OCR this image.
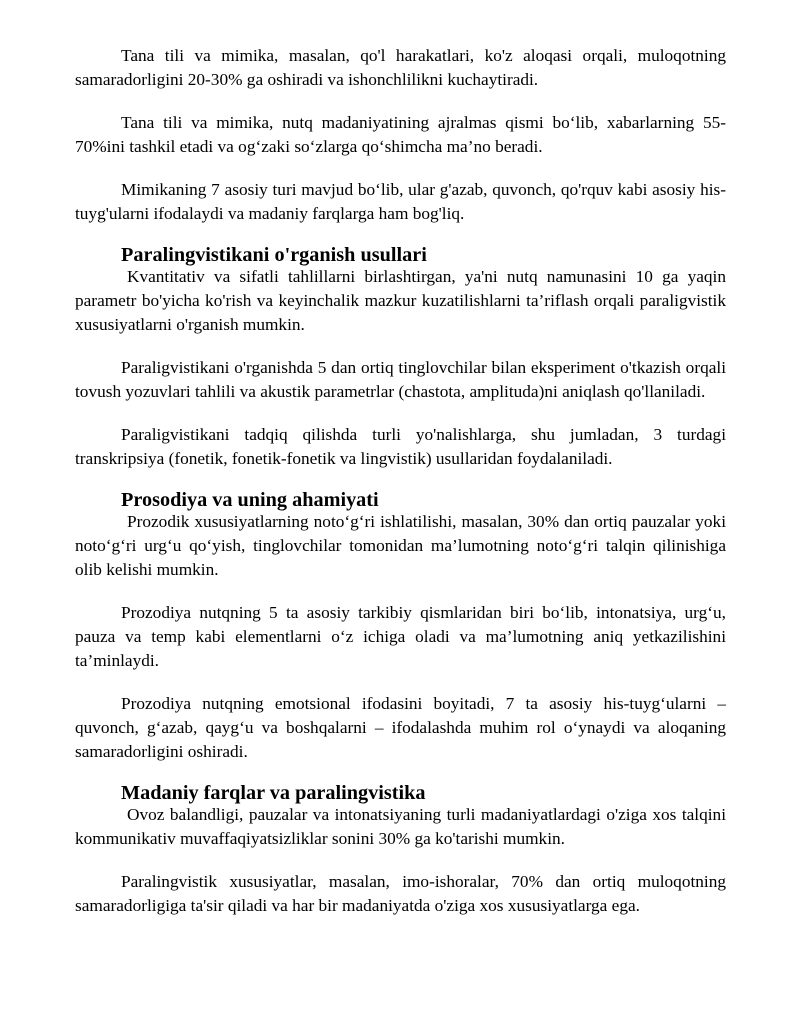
Tana tili va mimika, masalan, qo'l harakatlari, ko'z aloqasi orqali, muloqotning samaradorligini 20-30% ga oshiradi va ishonchlilikni kuchaytiradi.

Tana tili va mimika, nutq madaniyatining ajralmas qismi bo‘lib, xabarlarning 55-70%ini tashkil etadi va og‘zaki so‘zlarga qo‘shimcha ma’no beradi.

Mimikaning 7 asosiy turi mavjud bo‘lib, ular g'azab, quvonch, qo'rquv kabi asosiy his-tuyg'ularni ifodalaydi va madaniy farqlarga ham bog'liq.

Paralingvistikani o'rganish usullari

Kvantitativ va sifatli tahlillarni birlashtirgan, ya'ni nutq namunasini 10 ga yaqin parametr bo'yicha ko'rish va keyinchalik mazkur kuzatilishlarni ta’riflash orqali paraligvistik xususiyatlarni o'rganish mumkin.

Paraligvistikani o'rganishda 5 dan ortiq tinglovchilar bilan eksperiment o'tkazish orqali tovush yozuvlari tahlili va akustik parametrlar (chastota, amplituda)ni aniqlash qo'llaniladi.

Paraligvistikani tadqiq qilishda turli yo'nalishlarga, shu jumladan, 3 turdagi transkripsiya (fonetik, fonetik-fonetik va lingvistik) usullaridan foydalaniladi.

Prosodiya va uning ahamiyati

Prozodik xususiyatlarning noto‘g‘ri ishlatilishi, masalan, 30% dan ortiq pauzalar yoki noto‘g‘ri urg‘u qo‘yish, tinglovchilar tomonidan ma’lumotning noto‘g‘ri talqin qilinishiga olib kelishi mumkin.

Prozodiya nutqning 5 ta asosiy tarkibiy qismlaridan biri bo‘lib, intonatsiya, urg‘u, pauza va temp kabi elementlarni o‘z ichiga oladi va ma’lumotning aniq yetkazilishini ta’minlaydi.

Prozodiya nutqning emotsional ifodasini boyitadi, 7 ta asosiy his-tuyg‘ularni – quvonch, g‘azab, qayg‘u va boshqalarni – ifodalashda muhim rol o‘ynaydi va aloqaning samaradorligini oshiradi.

Madaniy farqlar va paralingvistika

Ovoz balandligi, pauzalar va intonatsiyaning turli madaniyatlardagi o'ziga xos talqini kommunikativ muvaffaqiyatsizliklar sonini 30% ga ko'tarishi mumkin.

Paralingvistik xususiyatlar, masalan, imo-ishoralar, 70% dan ortiq muloqotning samaradorligiga ta'sir qiladi va har bir madaniyatda o'ziga xos xususiyatlarga ega.
